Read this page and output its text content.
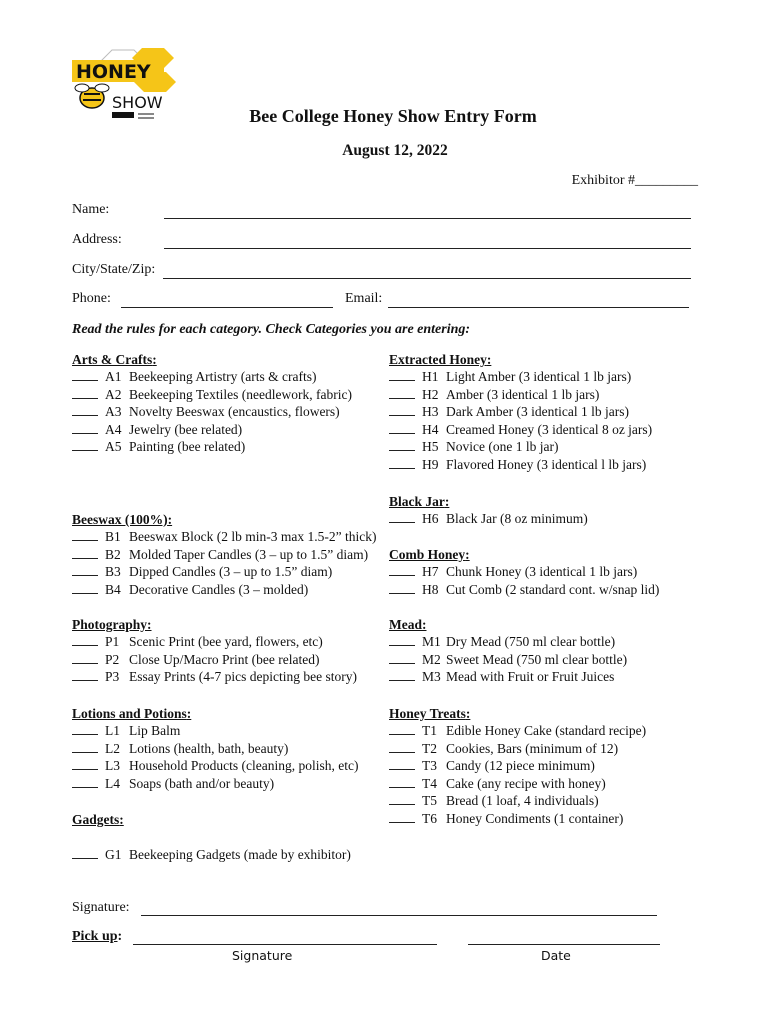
HONEY
SHOW
Bee College Honey Show Entry Form
August 12, 2022
Exhibitor #_________
Name:
Address:
City/State/Zip:
Phone:	Email:
Read the rules for each category. Check Categories you are entering:
Arts & Crafts:
A1 Beekeeping Artistry (arts & crafts)
A2 Beekeeping Textiles (needlework, fabric)
A3 Novelty Beeswax (encaustics, flowers)
A4 Jewelry (bee related)
A5 Painting (bee related)
Extracted Honey:
H1 Light Amber (3 identical 1 lb jars)
H2 Amber (3 identical 1 lb jars)
H3 Dark Amber (3 identical 1 lb jars)
H4 Creamed Honey (3 identical 8 oz jars)
H5 Novice (one 1 lb jar)
H9 Flavored Honey (3 identical l lb jars)
Black Jar:
H6 Black Jar (8 oz minimum)
Beeswax (100%):
B1 Beeswax Block (2 lb min-3 max 1.5-2” thick)
B2 Molded Taper Candles (3 – up to 1.5” diam)
B3 Dipped Candles (3 – up to 1.5” diam)
B4 Decorative Candles (3 – molded)
Comb Honey:
H7 Chunk Honey (3 identical 1 lb jars)
H8 Cut Comb (2 standard cont. w/snap lid)
Photography:
P1 Scenic Print (bee yard, flowers, etc)
P2 Close Up/Macro Print (bee related)
P3 Essay Prints (4-7 pics depicting bee story)
Mead:
M1 Dry Mead (750 ml clear bottle)
M2 Sweet Mead (750 ml clear bottle)
M3 Mead with Fruit or Fruit Juices
Lotions and Potions:
L1 Lip Balm
L2 Lotions (health, bath, beauty)
L3 Household Products (cleaning, polish, etc)
L4 Soaps (bath and/or beauty)
Honey Treats:
T1 Edible Honey Cake (standard recipe)
T2 Cookies, Bars (minimum of 12)
T3 Candy (12 piece minimum)
T4 Cake (any recipe with honey)
T5 Bread (1 loaf, 4 individuals)
T6 Honey Condiments (1 container)
Gadgets:
G1 Beekeeping Gadgets (made by exhibitor)
Signature:
Pick up:
Signature	Date
